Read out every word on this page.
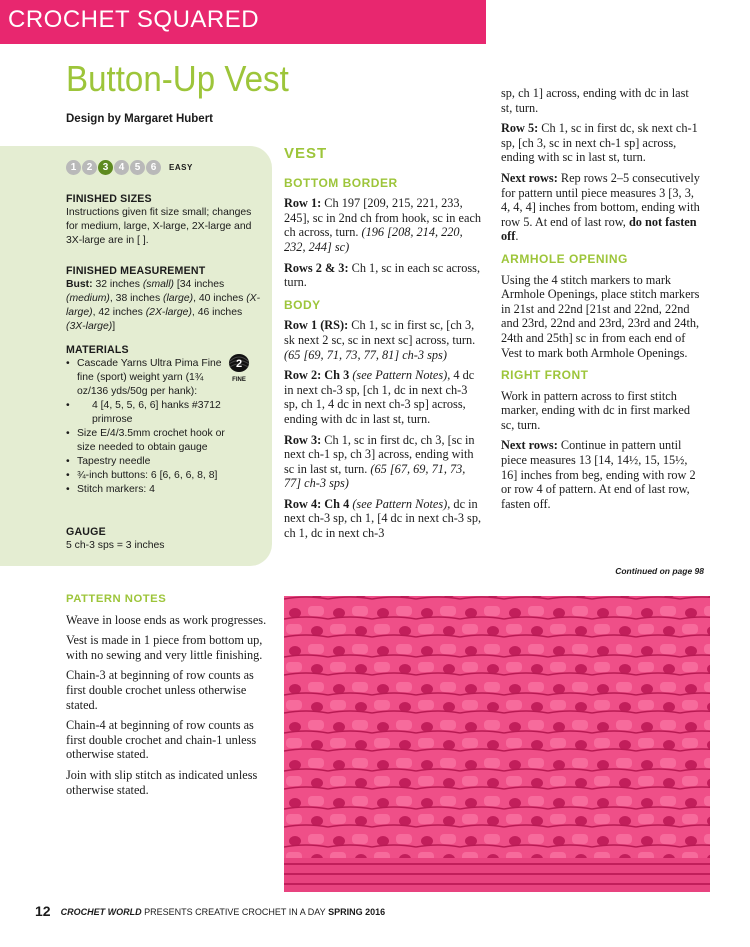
CROCHET SQUARED
Button-Up Vest
Design by Margaret Hubert
1	2	3	4	5	6	EASY
FINISHED SIZES

Instructions given fit size small; changes for medium, large, X-large, 2X-large and 3X-large are in [ ].

FINISHED MEASUREMENT

Bust: 32 inches (small) [34 inches (medium), 38 inches (large), 40 inches (X-large), 42 inches (2X-large), 46 inches (3X-large)]

MATERIALS
• Cascade Yarns Ultra Pima Fine fine (sport) weight yarn (1¾ oz/136 yds/50g per hank):
• 4 [4, 5, 5, 6, 6] hanks #3712 primrose
• Size E/4/3.5mm crochet hook or size needed to obtain gauge
• Tapestry needle
• ¾-inch buttons: 6 [6, 6, 6, 8, 8]
• Stitch markers: 4
2
FINE
GAUGE

5 ch-3 sps = 3 inches

VEST
BOTTOM BORDER

Row 1: Ch 197 [209, 215, 221, 233, 245], sc in 2nd ch from hook, sc in each ch across, turn. (196 [208, 214, 220, 232, 244] sc)

Rows 2 & 3: Ch 1, sc in each sc across, turn.

BODY

Row 1 (RS): Ch 1, sc in first sc, [ch 3, sk next 2 sc, sc in next sc] across, turn. (65 [69, 71, 73, 77, 81] ch-3 sps)

Row 2: Ch 3 (see Pattern Notes), 4 dc in next ch-3 sp, [ch 1, dc in next ch-3 sp, ch 1, 4 dc in next ch-3 sp] across, ending with dc in last st, turn.

Row 3: Ch 1, sc in first dc, ch 3, [sc in next ch-1 sp, ch 3] across, ending with sc in last st, turn. (65 [67, 69, 71, 73, 77] ch-3 sps)

Row 4: Ch 4 (see Pattern Notes), dc in next ch-3 sp, ch 1, [4 dc in next ch-3 sp, ch 1, dc in next ch-3

sp, ch 1] across, ending with dc in last st, turn.

Row 5: Ch 1, sc in first dc, sk next ch-1 sp, [ch 3, sc in next ch-1 sp] across, ending with sc in last st, turn.

Next rows: Rep rows 2–5 consecutively for pattern until piece measures 3 [3, 3, 4, 4, 4] inches from bottom, ending with row 5. At end of last row, do not fasten off.

ARMHOLE OPENING

Using the 4 stitch markers to mark Armhole Openings, place stitch markers in 21st and 22nd [21st and 22nd, 22nd and 23rd, 22nd and 23rd, 23rd and 24th, 24th and 25th] sc in from each end of Vest to mark both Armhole Openings.

RIGHT FRONT

Work in pattern across to first stitch marker, ending with dc in first marked sc, turn.

Next rows: Continue in pattern until piece measures 13 [14, 14½, 15, 15½, 16] inches from beg, ending with row 2 or row 4 of pattern. At end of last row, fasten off.

Continued on page 98
PATTERN NOTES

Weave in loose ends as work progresses.

Vest is made in 1 piece from bottom up, with no sewing and very little finishing.

Chain-3 at beginning of row counts as first double crochet unless otherwise stated.

Chain-4 at beginning of row counts as first double crochet and chain-1 unless otherwise stated.

Join with slip stitch as indicated unless otherwise stated.

12 CROCHET WORLD PRESENTS CREATIVE CROCHET IN A DAY SPRING 2016
